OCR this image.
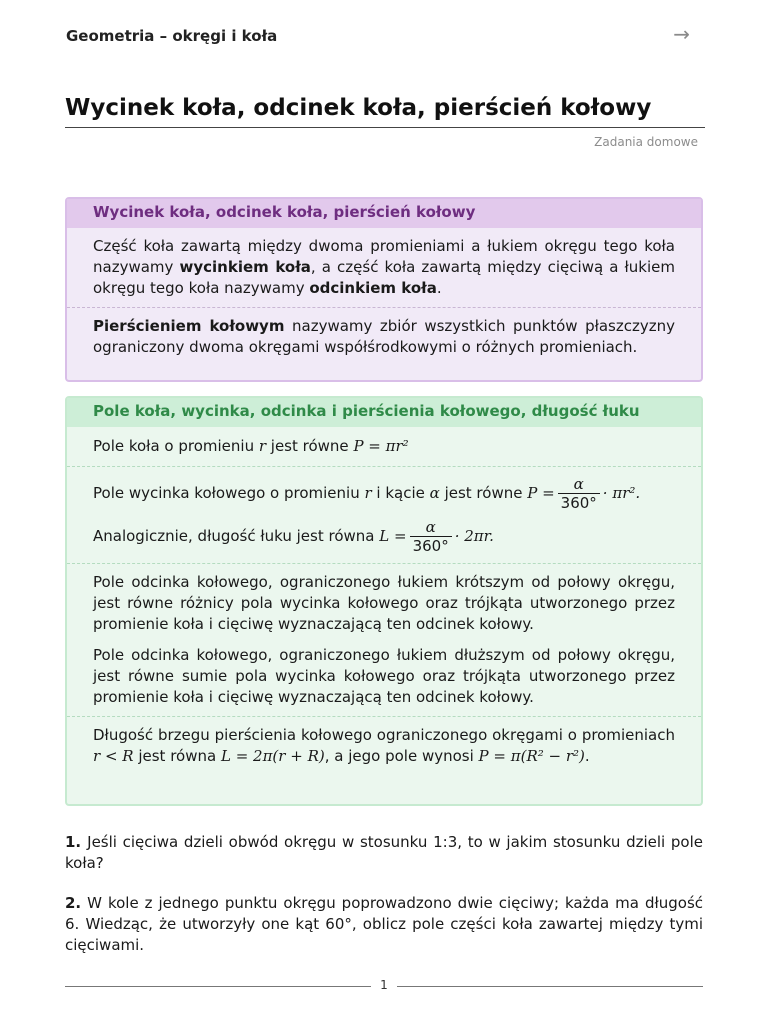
Geometria – okręgi i koła	→
Wycinek koła, odcinek koła, pierścień kołowy
Zadania domowe
Wycinek koła, odcinek koła, pierścień kołowy

Część koła zawartą między dwoma promieniami a łukiem okręgu tego koła nazywamy wycinkiem koła, a część koła zawartą między cięciwą a łukiem okręgu tego koła nazywamy odcinkiem koła.

Pierścieniem kołowym nazywamy zbiór wszystkich punktów płaszczyzny ograniczony dwoma okręgami współśrodkowymi o różnych promieniach.

Pole koła, wycinka, odcinka i pierścienia kołowego, długość łuku

Pole koła o promieniu r jest równe P = πr²

Pole wycinka kołowego o promieniu r i kącie α jest równe $P = \frac{\alpha}{360^\circ} \cdot \pi r^2$.

Analogicznie, długość łuku jest równa $L = \frac{\alpha}{360^\circ} \cdot 2\pi r$.

Pole odcinka kołowego, ograniczonego łukiem krótszym od połowy okręgu, jest równe różnicy pola wycinka kołowego oraz trójkąta utworzonego przez promienie koła i cięciwę wyznaczającą ten odcinek kołowy.

Pole odcinka kołowego, ograniczonego łukiem dłuższym od połowy okręgu, jest równe sumie pola wycinka kołowego oraz trójkąta utworzonego przez promienie koła i cięciwę wyznaczającą ten odcinek kołowy.

Długość brzegu pierścienia kołowego ograniczonego okręgami o promieniach r < R jest równa L = 2π(r + R), a jego pole wynosi P = π(R² − r²).

1. Jeśli cięciwa dzieli obwód okręgu w stosunku 1:3, to w jakim stosunku dzieli pole koła?
2. W kole z jednego punktu okręgu poprowadzono dwie cięciwy; każda ma długość 6. Wiedząc, że utworzyły one kąt 60°, oblicz pole części koła zawartej między tymi cięciwami.
1
